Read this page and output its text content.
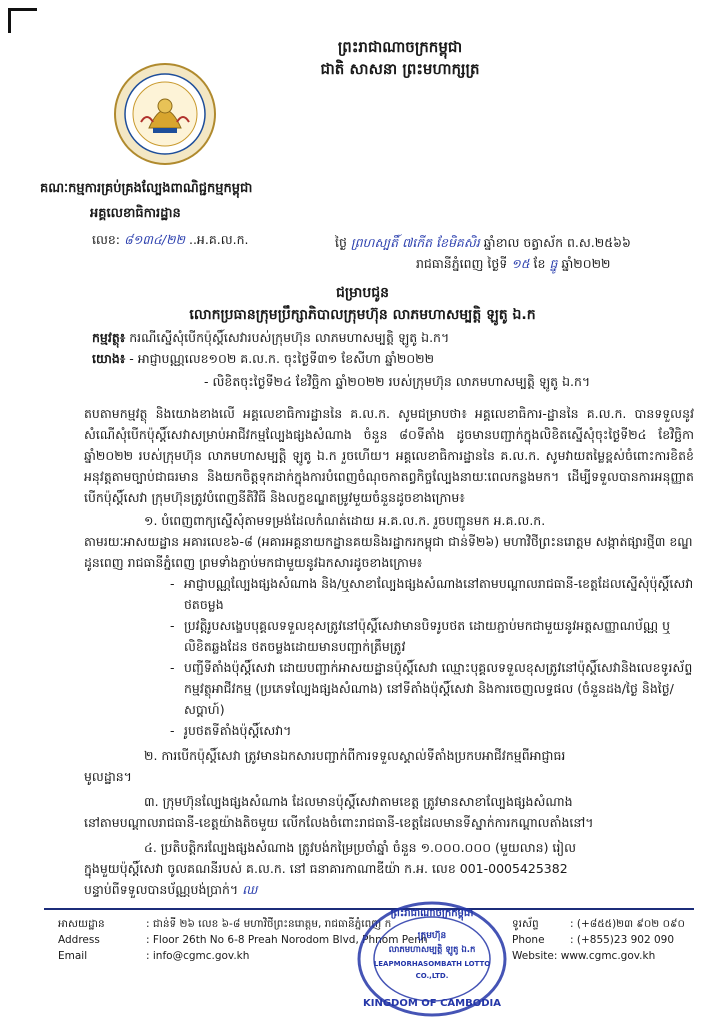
ព្រះរាជាណាចក្រកម្ពុជា
ជាតិ សាសនា ព្រះមហាក្សត្រ
គណៈកម្មការគ្រប់គ្រងល្បែងពាណិជ្ជកម្មកម្ពុជា
អគ្គលេខាធិការដ្ឋាន
លេខ: ៨១៣៤/២២ ..អ.គ.ល.ក.	ថ្ងៃ ព្រហស្បតិ៍ ៧កើត ខែមិគសិរ ឆ្នាំខាល ចត្វាស័ក ព.ស.២៥៦៦
រាជធានីភ្នំពេញ ថ្ងៃទី ១៥ ខែ ធ្នូ ឆ្នាំ២០២២
ជម្រាបជូន
លោកប្រធានក្រុមប្រឹក្សាភិបាលក្រុមហ៊ុន លាភមហាសម្បត្តិ ឡូតូ ឯ.ក
កម្មវត្ថុ៖ ករណីស្នើសុំបើកប៉ុស្តិ៍សេវារបស់ក្រុមហ៊ុន លាភមហាសម្បត្តិ ឡូតូ ឯ.ក។
យោង៖ - អាជ្ញាបណ្ណលេខ១០២ គ.ល.ក. ចុះថ្ងៃទី៣១ ខែសីហា ឆ្នាំ២០២២
- លិខិតចុះថ្ងៃទី២៤ ខែវិច្ឆិកា ឆ្នាំ២០២២ របស់ក្រុមហ៊ុន លាភមហាសម្បត្តិ ឡូតូ ឯ.ក។
តបតាមកម្មវត្ថុ និងយោងខាងលើ អគ្គលេខាធិការដ្ឋាននៃ គ.ល.ក. សូមជម្រាបថា៖ អគ្គលេខាធិការ-ដ្ឋាននៃ គ.ល.ក. បានទទួលនូវសំណើសុំបើកប៉ុស្តិ៍សេវាសម្រាប់អាជីវកម្មល្បែងផ្សងសំណាង ចំនួន ៨០ទីតាំង ដូចមានបញ្ជាក់ក្នុងលិខិតស្នើសុំចុះថ្ងៃទី២៤ ខែវិច្ឆិកា ឆ្នាំ២០២២ របស់ក្រុមហ៊ុន លាភមហាសម្បត្តិ ឡូតូ ឯ.ក រួចហើយ។ អគ្គលេខាធិការដ្ឋាននៃ គ.ល.ក. សូមវាយតម្លៃខ្ពស់ចំពោះការខិតខំអនុវត្តតាមច្បាប់ជាធរមាន និងយកចិត្តទុកដាក់ក្នុងការបំពេញចំណុចកាតព្វកិច្ចល្បែងនាយៈពេលកន្លងមក។ ដើម្បីទទួលបានការអនុញ្ញាតបើកប៉ុស្តិ៍សេវា ក្រុមហ៊ុនត្រូវបំពេញនីតិវិធី និងលក្ខខណ្ឌតម្រូវមួយចំនួនដូចខាងក្រោម៖

១. បំពេញពាក្យស្នើសុំតាមទម្រង់ដែលកំណត់ដោយ អ.គ.ល.ក. រួចបញ្ជូនមក អ.គ.ល.ក.

តាមរយៈអាសយដ្ឋាន អគារលេខ៦-៨ (អគារអគ្គនាយកដ្ឋានគយនិងរដ្ឋាករកម្ពុជា ជាន់ទី២៦) មហាវិថីព្រះនរោត្តម សង្កាត់ផ្សារថ្មី៣ ខណ្ឌដូនពេញ រាជធានីភ្នំពេញ ព្រមទាំងភ្ជាប់មកជាមួយនូវឯកសារដូចខាងក្រោម៖

- អាជ្ញាបណ្ណល្បែងផ្សងសំណាង និង/ឬសាខាល្បែងផ្សងសំណាងនៅតាមបណ្ដាលរាជធានី-ខេត្តដែលស្នើសុំប៉ុស្តិ៍សេវា ថតចម្លង

- ប្រវត្តិរូបសង្ខេបបុគ្គលទទួលខុសត្រូវនៅប៉ុស្តិ៍សេវាមានបិទរូបថត ដោយភ្ជាប់មកជាមួយនូវអត្តសញ្ញាណប័ណ្ណ ឬលិខិតឆ្លងដែន ថតចម្លងដោយមានបញ្ជាក់ត្រឹមត្រូវ

- បញ្ជីទីតាំងប៉ុស្តិ៍សេវា ដោយបញ្ជាក់អាសយដ្ឋានប៉ុស្តិ៍សេវា ឈ្មោះបុគ្គលទទួលខុសត្រូវនៅប៉ុស្តិ៍សេវានិងលេខទូរស័ព្ទ កម្មវត្ថុអាជីវកម្ម (ប្រភេទល្បែងផ្សងសំណាង) នៅទីតាំងប៉ុស្តិ៍សេវា និងការចេញលទ្ធផល (ចំនួនដង/ថ្ងៃ និងថ្ងៃ/សប្តាហ៍)

- រូបថតទីតាំងប៉ុស្តិ៍សេវា។

២. ការបើកប៉ុស្តិ៍សេវា ត្រូវមានឯកសារបញ្ជាក់ពីការទទួលស្គាល់ទីតាំងប្រកបអាជីវកម្មពីអាជ្ញាធរ

មូលដ្ឋាន។

៣. ក្រុមហ៊ុនល្បែងផ្សងសំណាង ដែលមានប៉ុស្តិ៍សេវាតាមខេត្ត ត្រូវមានសាខាល្បែងផ្សងសំណាង

នៅតាមបណ្ដាលរាជធានី-ខេត្តយ៉ាងតិចមួយ លើកលែងចំពោះរាជធានី-ខេត្តដែលមានទីស្នាក់ការកណ្ដាលតាំងនៅ។

៤. ប្រតិបត្តិករល្បែងផ្សងសំណាង ត្រូវបង់កម្រៃប្រចាំឆ្នាំ ចំនួន ១.០០០.០០០ (មួយលាន) រៀល

ក្នុងមួយប៉ុស្តិ៍សេវា ចូលគណនីរបស់ គ.ល.ក. នៅ ធនាគារកាណាឌីយ៉ា ក.អ. លេខ 001-0005425382

បន្ទាប់ពីទទួលបានប័ណ្ណបង់ប្រាក់។ ឈ

អាសយដ្ឋាន	: ជាន់ទី ២៦ លេខ ៦-៨ មហាវិថីព្រះនរោត្តម, រាជធានីភ្នំពេញ ក
Address	: Floor 26th No 6-8 Preah Norodom Blvd, Phnom Penh
Email	: info@cgmc.gov.kh
ទូរស័ព្ទ	: (+៨៥៥)២៣ ៩០២ ០៩០
Phone : (+855)23 902 090
Website: www.cgmc.gov.kh
ព្រះរាជាណាចក្រកម្ពុជា
ក្រុមហ៊ុន
លាភមហាសម្បត្តិ ឡូតូ ឯ.ក
LEAPMORHASOMBATH LOTTO
CO.,LTD.
KINGDOM OF CAMBODIA
